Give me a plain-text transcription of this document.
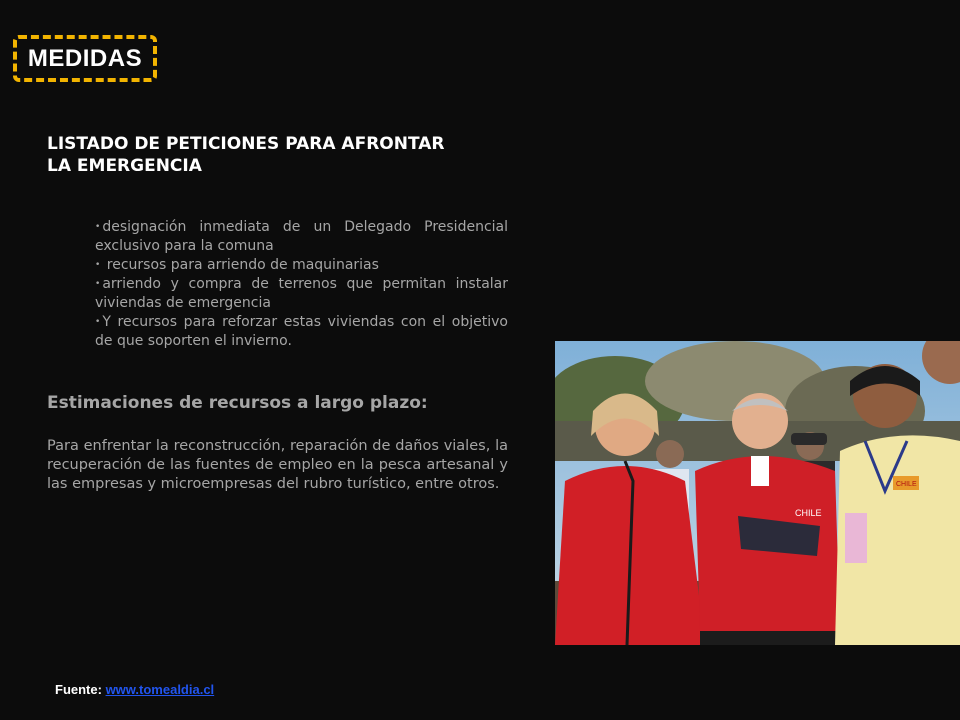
MEDIDAS
LISTADO DE PETICIONES PARA AFRONTAR
LA EMERGENCIA
• designación inmediata de un Delegado Presidencial exclusivo para la comuna
• recursos para arriendo de maquinarias
• arriendo y compra de terrenos que permitan instalar viviendas de emergencia
• Y recursos para reforzar estas viviendas con el objetivo de que soporten el invierno.
Estimaciones de recursos a largo plazo:
Para enfrentar la reconstrucción, reparación de daños viales, la recuperación de las fuentes de empleo en la pesca artesanal y las empresas y microempresas del rubro turístico, entre otros.
CHILE
CHILE
Fuente: www.tomealdia.cl
